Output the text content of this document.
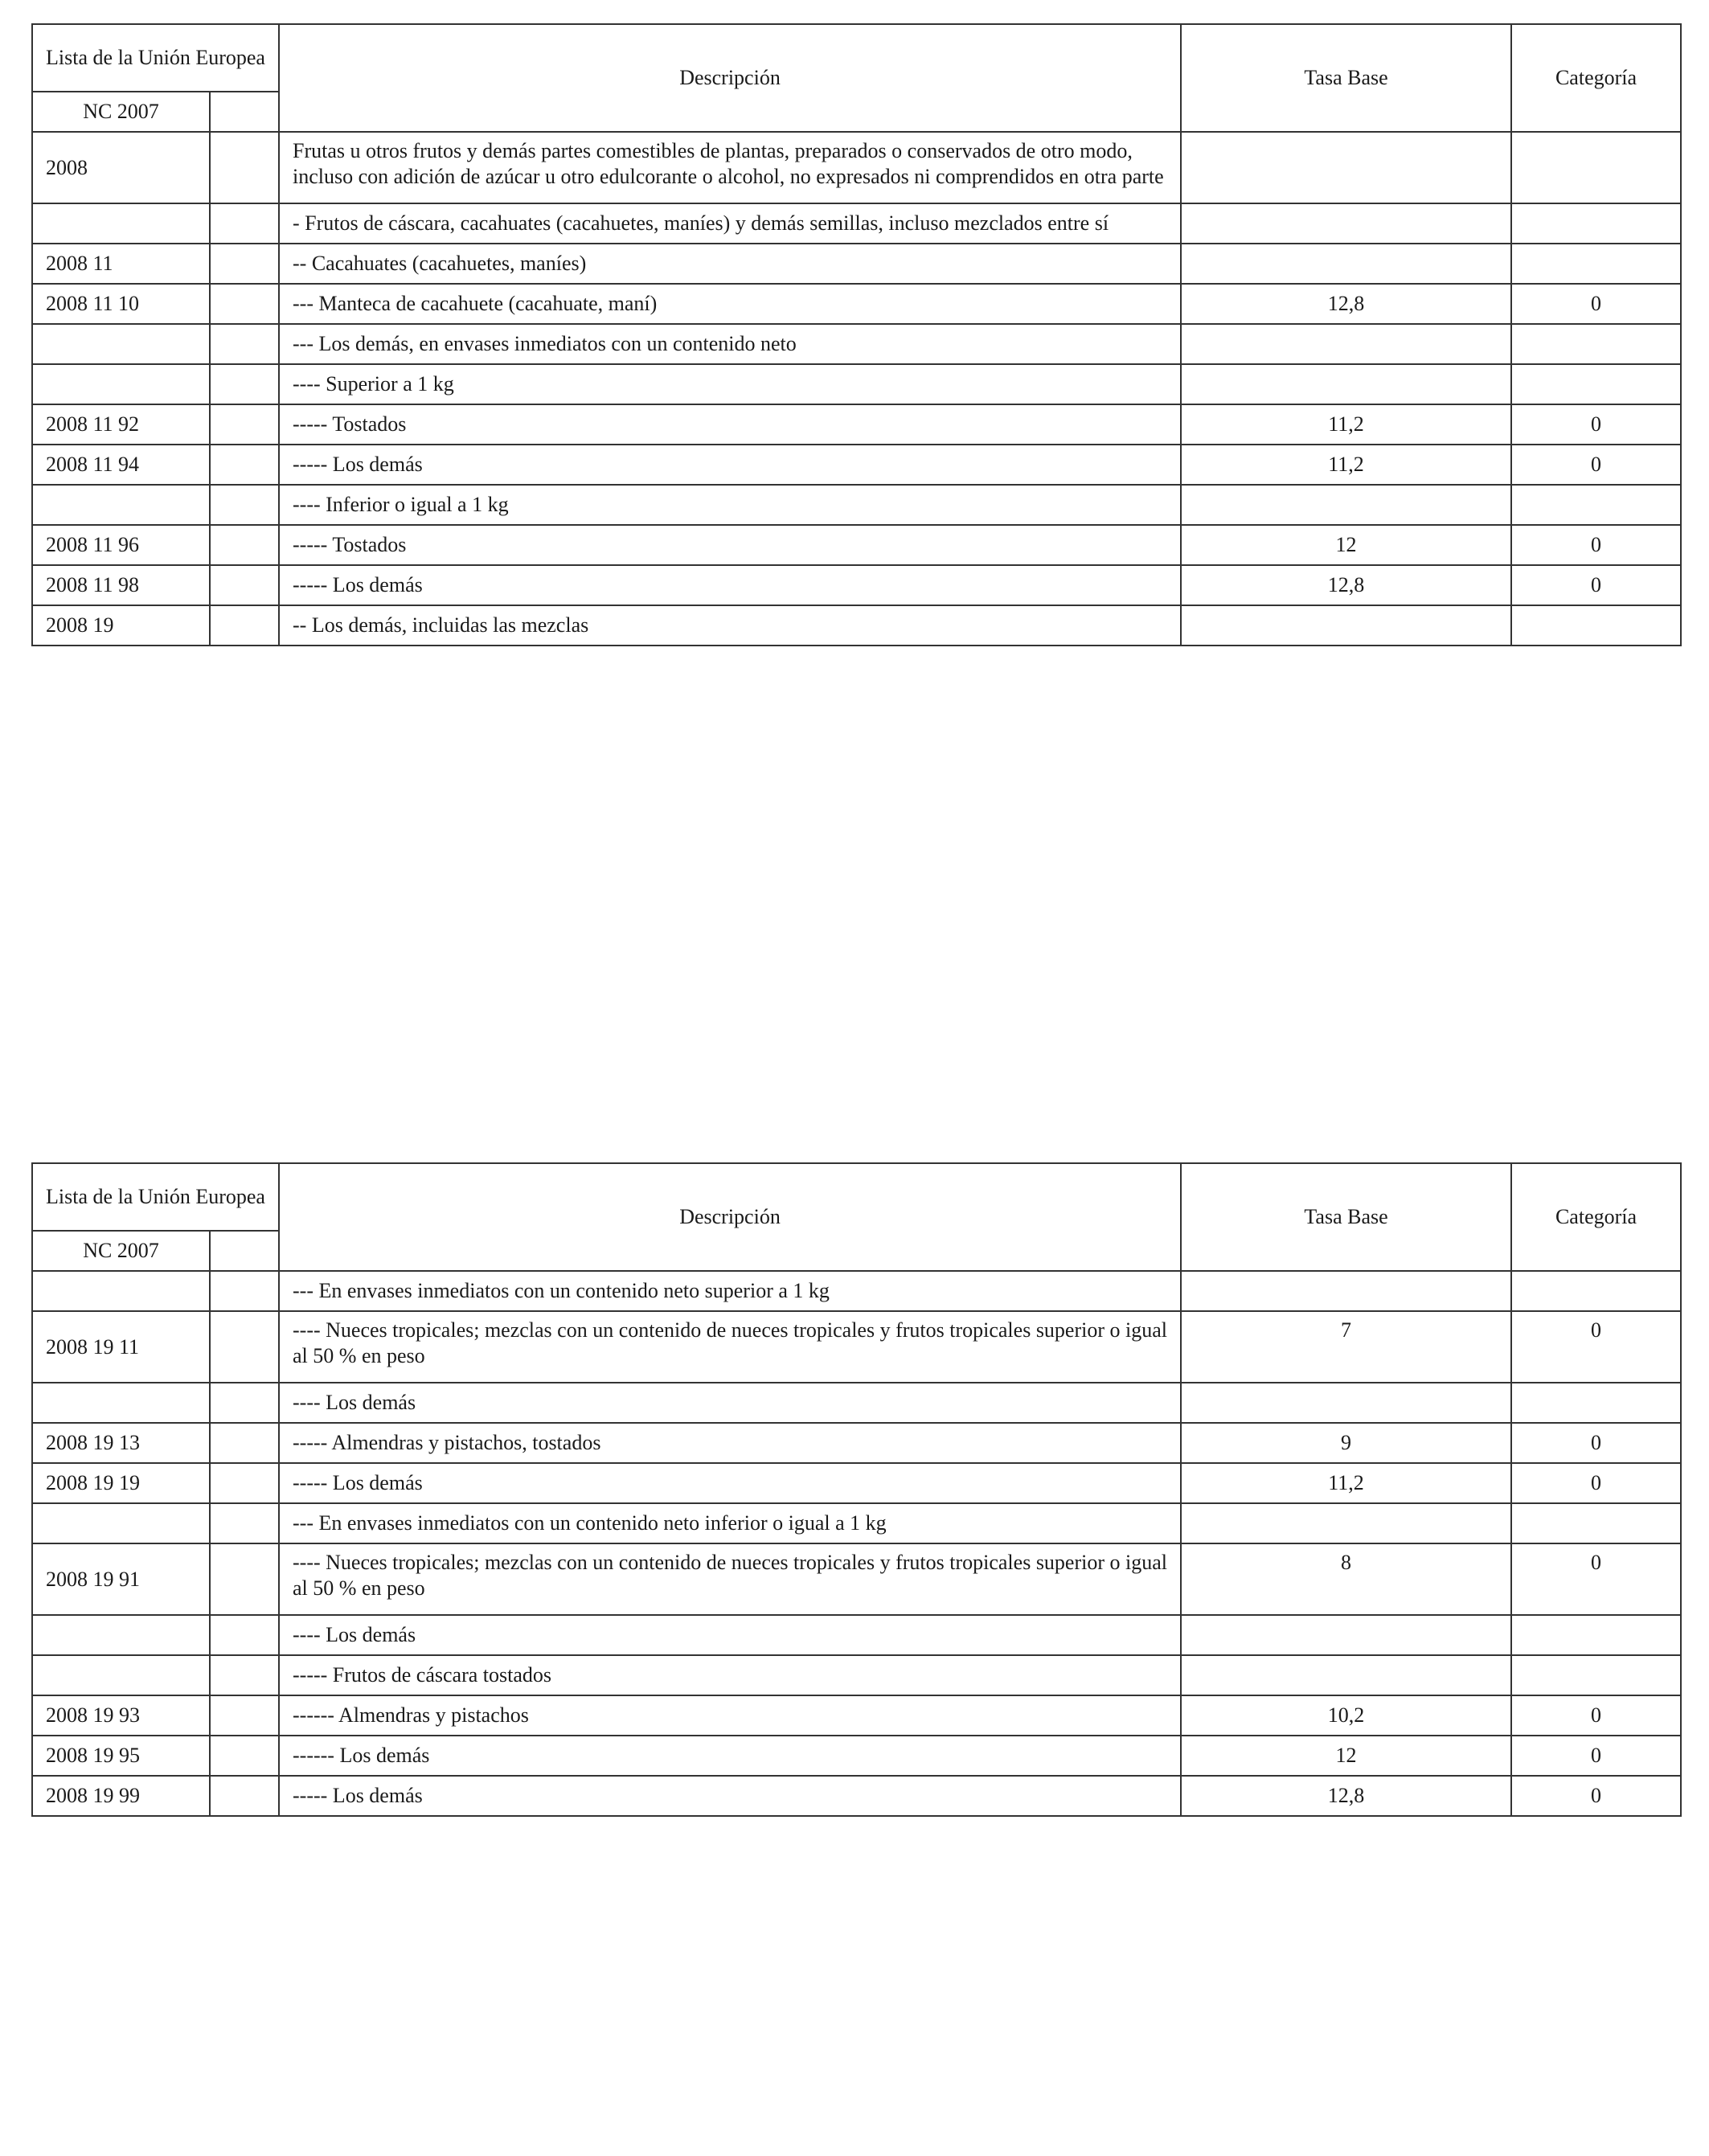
Lista de la Unión Europea		Descripción	Tasa Base	Categoría
NC 2007				
2008		Frutas u otros frutos y demás partes comestibles de plantas, preparados o conservados de otro modo, incluso con adición de azúcar u otro edulcorante o alcohol, no expresados ni comprendidos en otra parte		
		- Frutos de cáscara, cacahuates (cacahuetes, maníes) y demás semillas, incluso mezclados entre sí		
2008 11		-- Cacahuates (cacahuetes, maníes)		
2008 11 10		--- Manteca de cacahuete (cacahuate, maní)	12,8	0
		--- Los demás, en envases inmediatos con un contenido neto		
		---- Superior a 1 kg		
2008 11 92		----- Tostados	11,2	0
2008 11 94		----- Los demás	11,2	0
		---- Inferior o igual a 1 kg		
2008 11 96		----- Tostados	12	0
2008 11 98		----- Los demás	12,8	0
2008 19		-- Los demás, incluidas las mezclas		
Lista de la Unión Europea		Descripción	Tasa Base	Categoría
NC 2007				
		--- En envases inmediatos con un contenido neto superior a 1 kg		
2008 19 11		---- Nueces tropicales; mezclas con un contenido de nueces tropicales y frutos tropicales superior o igual al 50 % en peso	7	0
		---- Los demás		
2008 19 13		----- Almendras y pistachos, tostados	9	0
2008 19 19		----- Los demás	11,2	0
		--- En envases inmediatos con un contenido neto inferior o igual a 1 kg		
2008 19 91		---- Nueces tropicales; mezclas con un contenido de nueces tropicales y frutos tropicales superior o igual al 50 % en peso	8	0
		---- Los demás		
		----- Frutos de cáscara tostados		
2008 19 93		------ Almendras y pistachos	10,2	0
2008 19 95		------ Los demás	12	0
2008 19 99		----- Los demás	12,8	0
